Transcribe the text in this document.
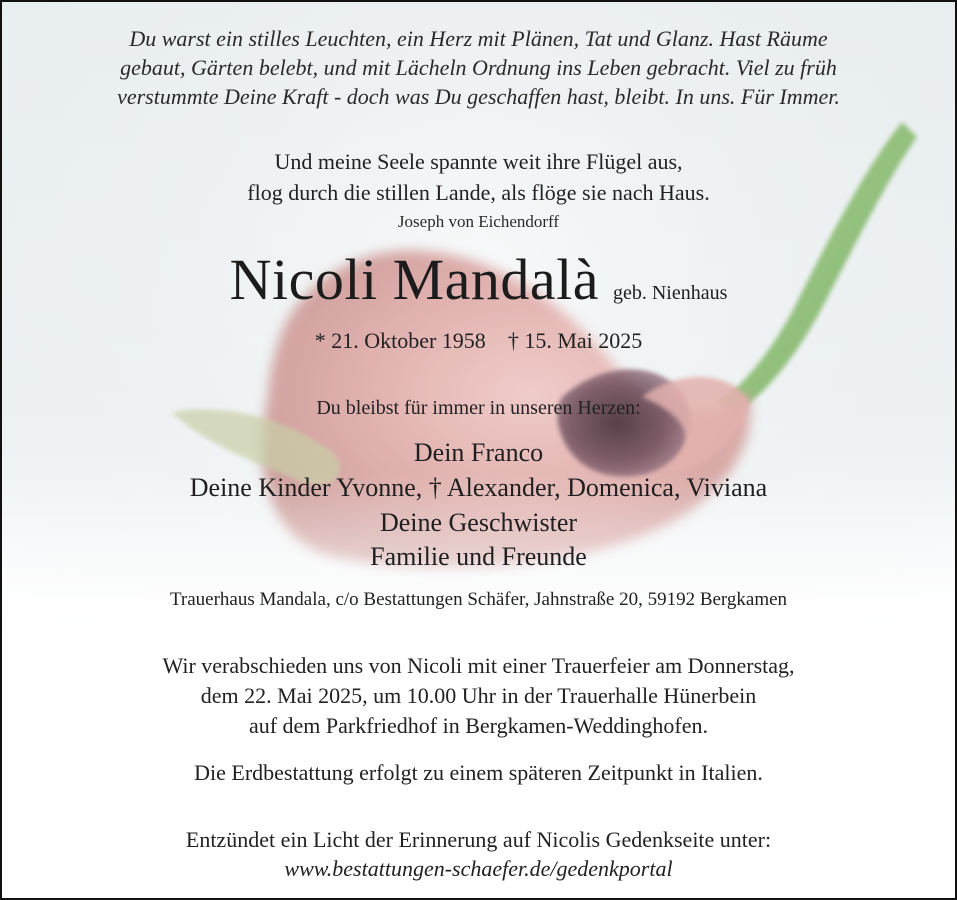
Du warst ein stilles Leuchten, ein Herz mit Plänen, Tat und Glanz. Hast Räume
gebaut, Gärten belebt, und mit Lächeln Ordnung ins Leben gebracht. Viel zu früh
verstummte Deine Kraft - doch was Du geschaffen hast, bleibt. In uns. Für Immer.
Und meine Seele spannte weit ihre Flügel aus,
flog durch die stillen Lande, als flöge sie nach Haus.
Joseph von Eichendorff
Nicoli Mandalà geb. Nienhaus
* 21. Oktober 1958 † 15. Mai 2025
Du bleibst für immer in unseren Herzen:
Dein Franco
Deine Kinder Yvonne, † Alexander, Domenica, Viviana
Deine Geschwister
Familie und Freunde
Trauerhaus Mandala, c/o Bestattungen Schäfer, Jahnstraße 20, 59192 Bergkamen
Wir verabschieden uns von Nicoli mit einer Trauerfeier am Donnerstag,
dem 22. Mai 2025, um 10.00 Uhr in der Trauerhalle Hünerbein
auf dem Parkfriedhof in Bergkamen-Weddinghofen.
Die Erdbestattung erfolgt zu einem späteren Zeitpunkt in Italien.
Entzündet ein Licht der Erinnerung auf Nicolis Gedenkseite unter:
www.bestattungen-schaefer.de/gedenkportal
